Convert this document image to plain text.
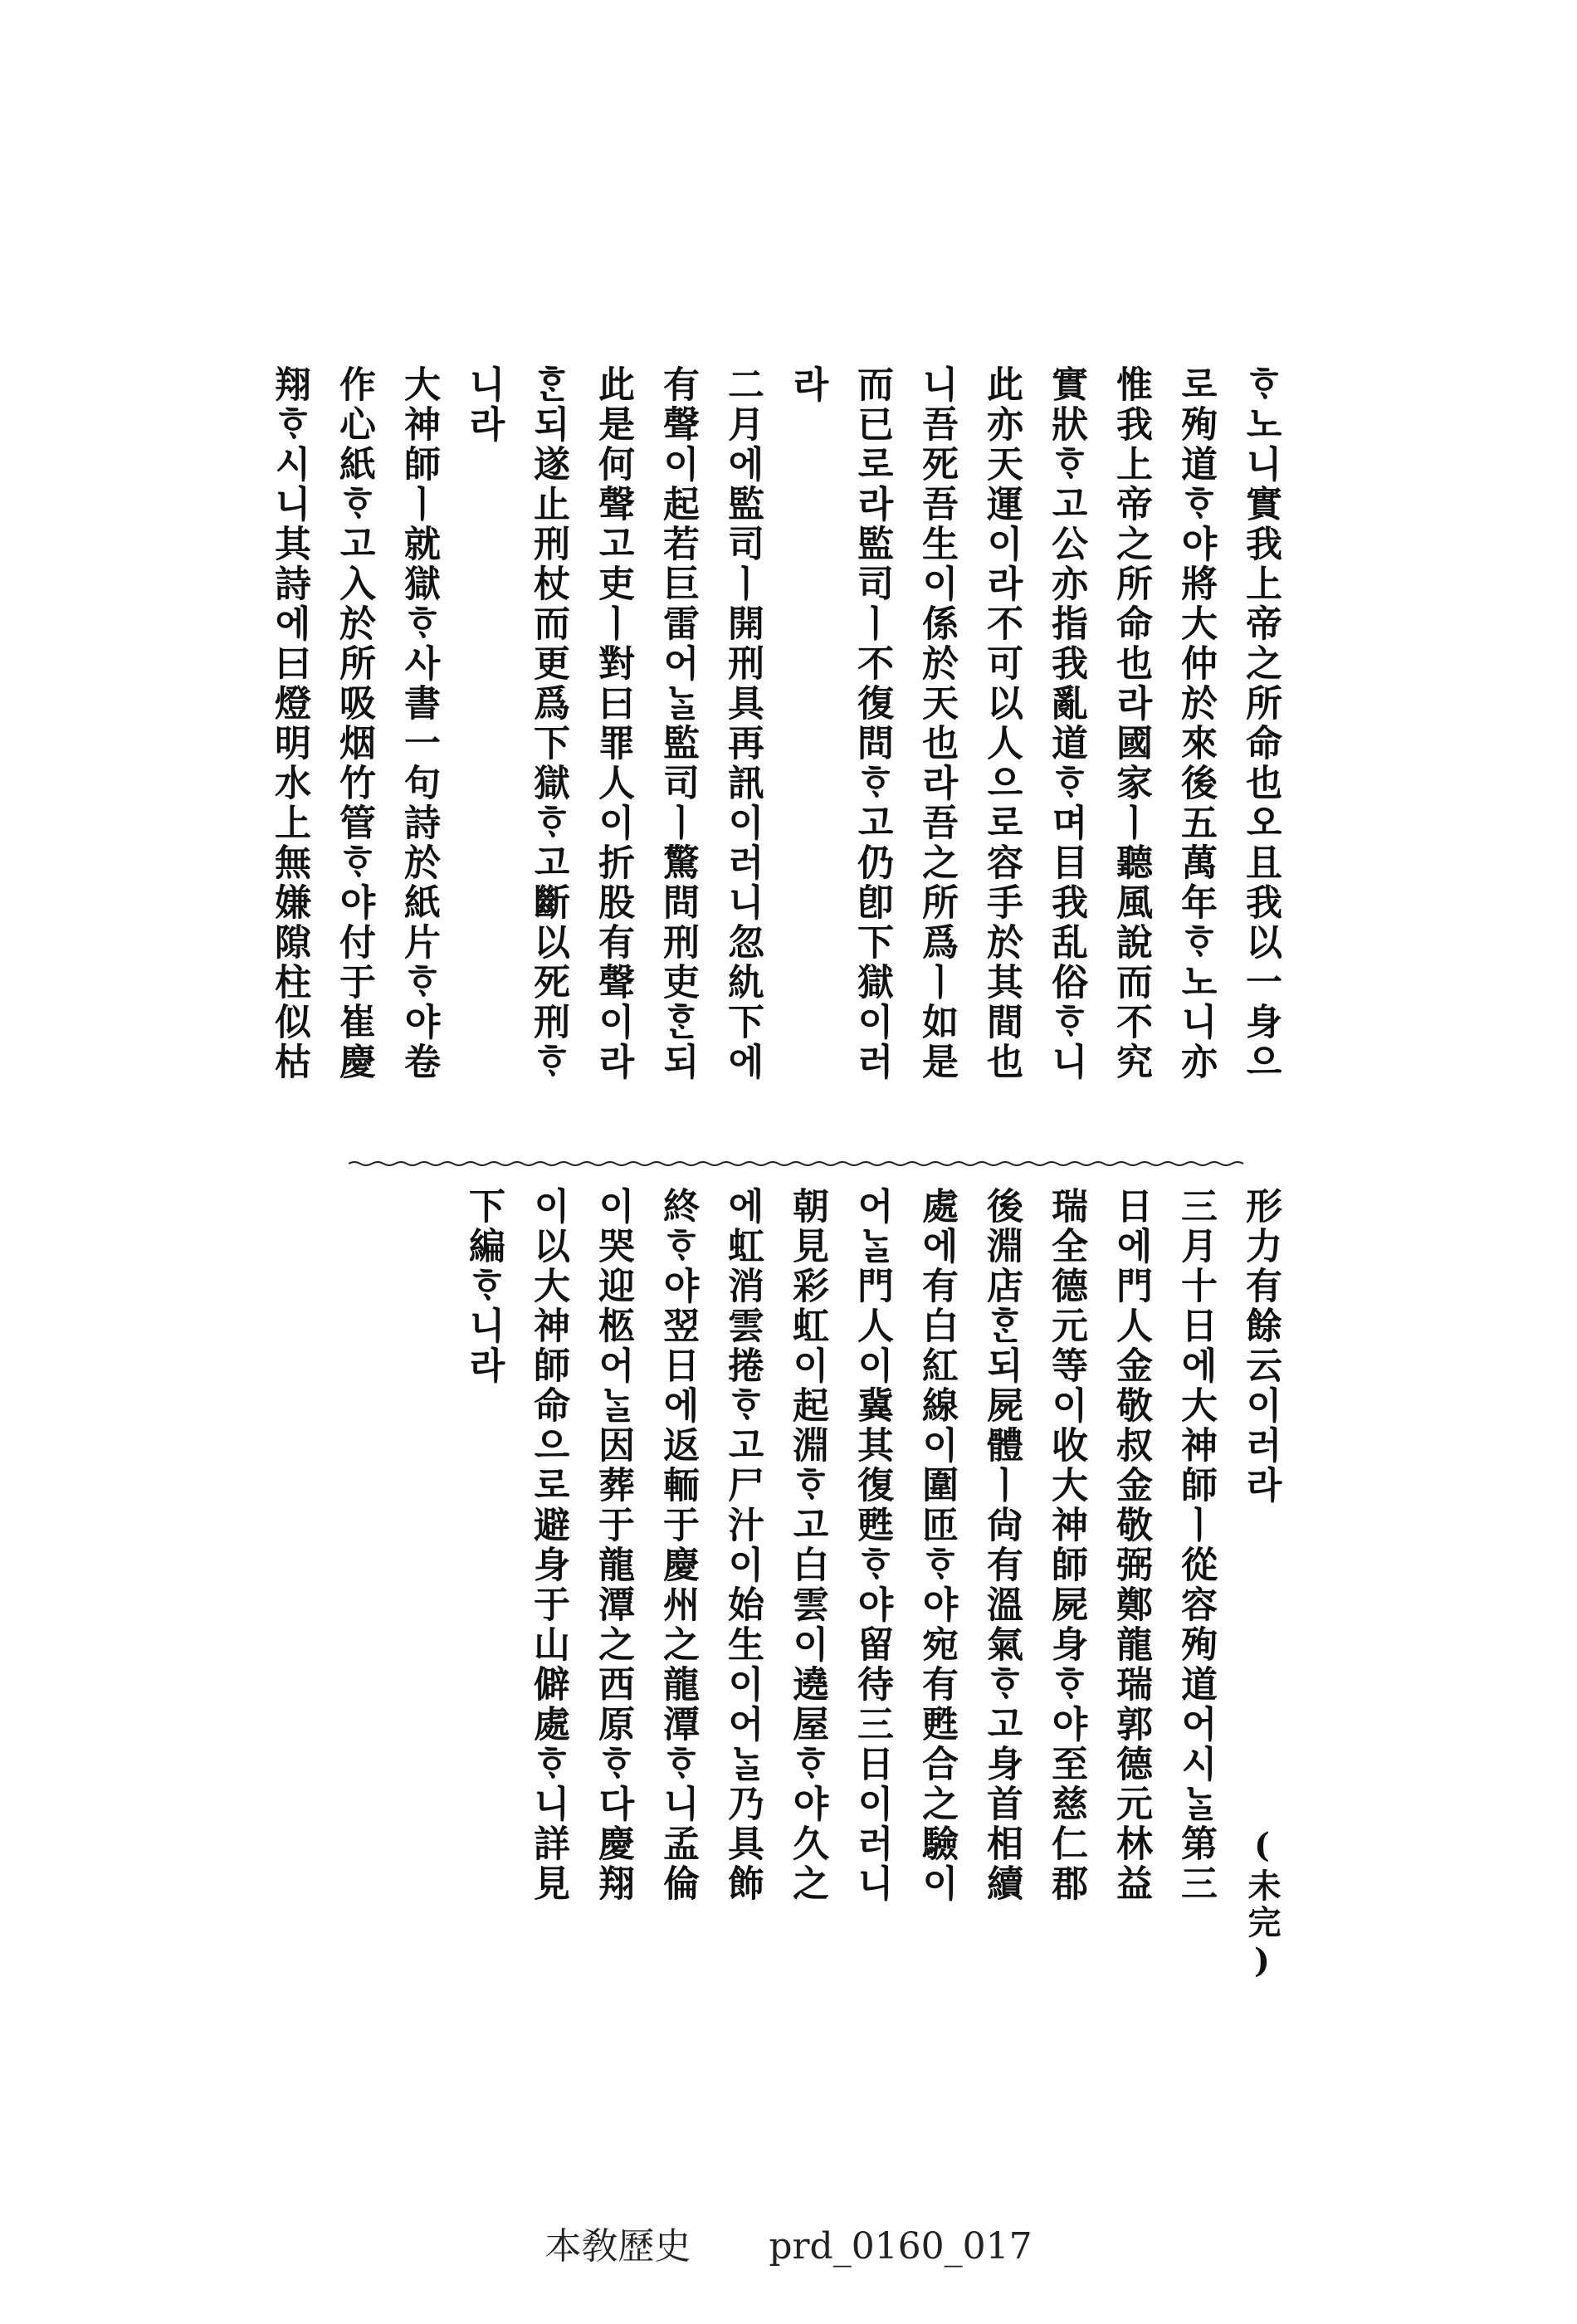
ᄒᆞ노니實我上帝之所命也오且我以一身으
로殉道ᄒᆞ야將大仲於來後五萬年ᄒᆞ노니亦
惟我上帝之所命也라國家ㅣ聽風說而不究
實狀ᄒᆞ고公亦指我亂道ᄒᆞ며目我乱俗ᄒᆞ니
此亦天運이라不可以人으로容手於其間也
니吾死吾生이係於天也라吾之所爲ㅣ如是
而已로라監司ㅣ不復問ᄒᆞ고仍卽下獄이러
라
二月에監司ㅣ開刑具再訊이러니忽䊵下에
有聲이起若巨雷어ᄂᆞᆯ監司ㅣ驚問刑吏ᄒᆞᆫ되
此是何聲고吏ㅣ對曰罪人이折股有聲이라
ᄒᆞᆫ되遂止刑杖而更爲下獄ᄒᆞ고斷以死刑ᄒᆞ
니라
大神師ㅣ就獄ᄒᆞ사書一句詩於紙片ᄒᆞ야卷
作心紙ᄒᆞ고入於所吸烟竹管ᄒᆞ야付于崔慶
翔ᄒᆞ시니其詩에曰燈明水上無嫌隙柱似枯
形力有餘云이러라
三月十日에大神師ㅣ從容殉道어시ᄂᆞᆯ第三
日에門人金敬叔金敬弼鄭龍瑞郭德元林益
瑞全德元等이收大神師屍身ᄒᆞ야至慈仁郡
後淵店ᄒᆞᆫ되屍體ㅣ尙有溫氣ᄒᆞ고身首相續
處에有白紅線이圍匝ᄒᆞ야宛有甦合之驗이
어ᄂᆞᆯ門人이冀其復甦ᄒᆞ야留待三日이러니
朝見彩虹이起淵ᄒᆞ고白雲이遶屋ᄒᆞ야久之
에虹消雲捲ᄒᆞ고尸汁이始生이어ᄂᆞᆯ乃具飾
終ᄒᆞ야翌日에返輀于慶州之龍潭ᄒᆞ니孟倫
이哭迎柩어ᄂᆞᆯ因葬于龍潭之西原ᄒᆞ다慶翔
이以大神師命으로避身于山僻處ᄒᆞ니詳見
下編ᄒᆞ니라
(未完)
本敎歷史 prd_0160_017
